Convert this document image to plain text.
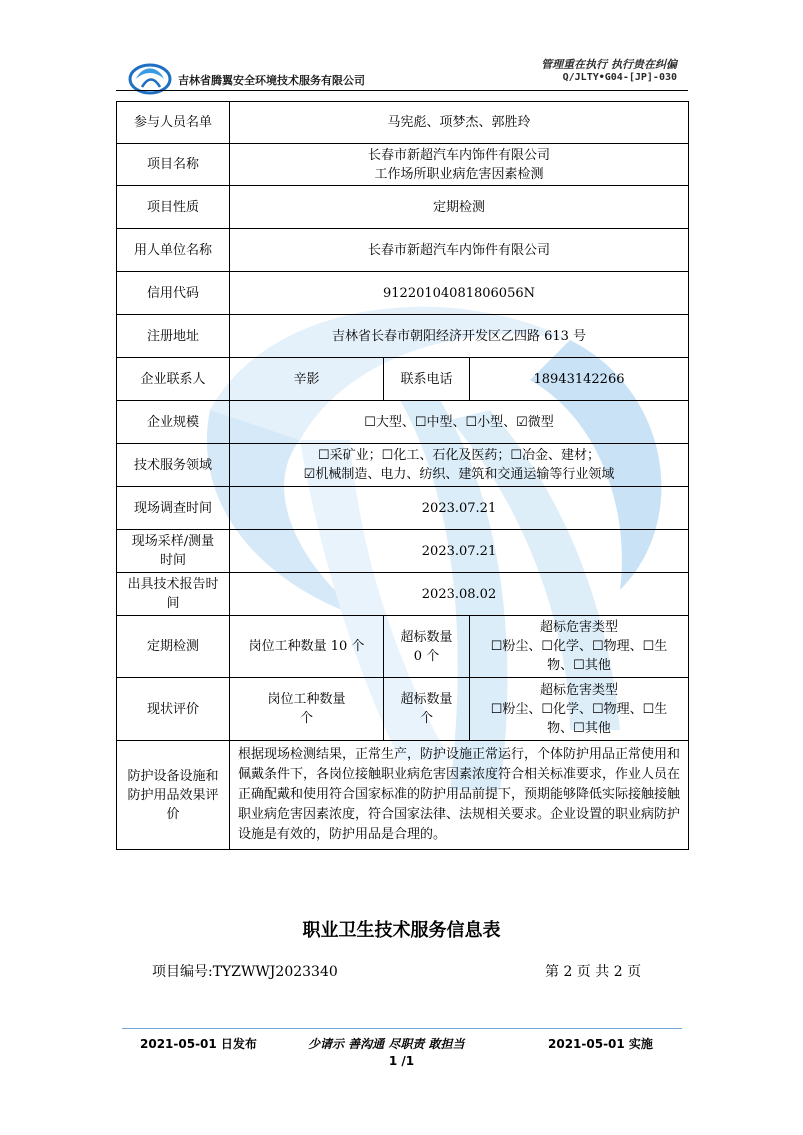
吉林省腾翼安全环境技术服务有限公司
管理重在执行 执行贵在纠偏
Q/JLTY•G04-[JP]-030
参与人员名单	马宪彪、项梦杰、郭胜玲		
项目名称	长春市新超汽车内饰件有限公司
工作场所职业病危害因素检测		

项目性质	定期检测		
用人单位名称	长春市新超汽车内饰件有限公司		
信用代码	91220104081806056N		
注册地址	吉林省长春市朝阳经济开发区乙四路 613 号		
企业联系人	辛影	联系电话	18943142266
企业规模	☐大型、☐中型、☐小型、☑微型		
技术服务领域	☐采矿业；☐化工、石化及医药；☐冶金、建材；
☑机械制造、电力、纺织、建筑和交通运输等行业领域		

现场调查时间	2023.07.21		

现场采样/测量
时间	2023.07.21		

出具技术报告时
间	2023.08.02		
定期检测	岗位工种数量 10 个	超标数量
0 个	超标危害类型
☐粉尘、☐化学、☐物理、☐生
物、☐其他

现状评价	岗位工种数量
个	超标数量
个	超标危害类型
☐粉尘、☐化学、☐物理、☐生
物、☐其他

防护设备设施和
防护用品效果评
价	根据现场检测结果，正常生产，防护设施正常运行，个体防护用品正常使用和佩戴条件下，各岗位接触职业病危害因素浓度符合相关标准要求，作业人员在正确配戴和使用符合国家标准的防护用品前提下，预期能够降低实际接触接触职业病危害因素浓度，符合国家法律、法规相关要求。企业设置的职业病防护设施是有效的，防护用品是合理的。		
职业卫生技术服务信息表
项目编号:TYZWWJ2023340	第 2 页 共 2 页
2021-05-01 日发布	少请示 善沟通 尽职责 敢担当	2021-05-01 实施
1 /1
